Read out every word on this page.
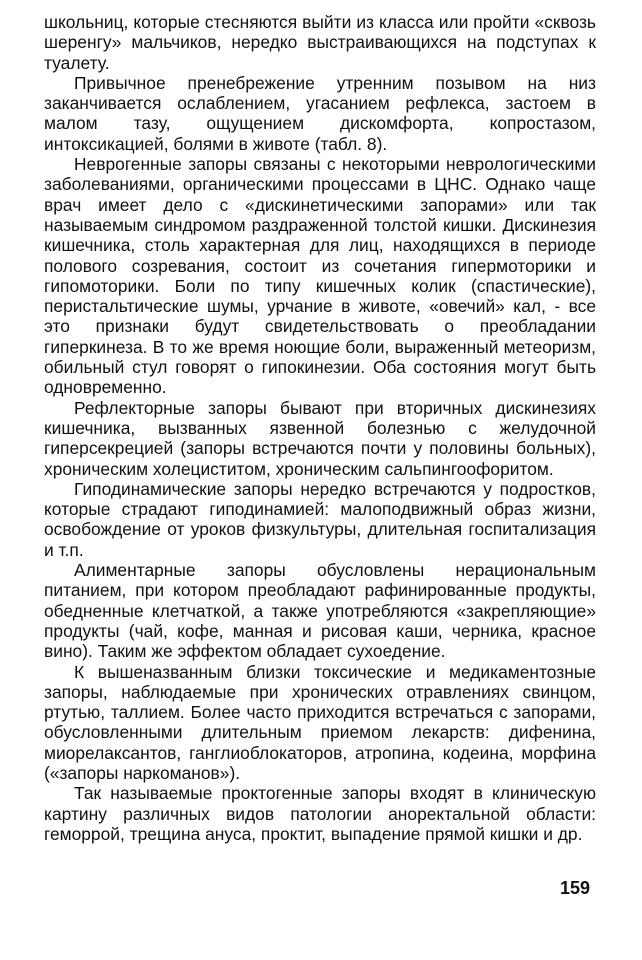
школьниц, которые стесняются выйти из класса или пройти «сквозь шеренгу» мальчиков, нередко выстраивающихся на подступах к туалету.

Привычное пренебрежение утренним позывом на низ заканчивается ослаблением, угасанием рефлекса, застоем в малом тазу, ощущением дискомфорта, копростазом, интоксикацией, болями в животе (табл. 8).

Неврогенные запоры связаны с некоторыми неврологическими заболеваниями, органическими процессами в ЦНС. Однако чаще врач имеет дело с «дискинетическими запорами» или так называемым синдромом раздраженной толстой кишки. Дискинезия кишечника, столь характерная для лиц, находящихся в периоде полового созревания, состоит из сочетания гипермоторики и гипомоторики. Боли по типу кишечных колик (спастические), перистальтические шумы, урчание в животе, «овечий» кал, - все это признаки будут свидетельствовать о преобладании гиперкинеза. В то же время ноющие боли, выраженный метеоризм, обильный стул говорят о гипокинезии. Оба состояния могут быть одновременно.

Рефлекторные запоры бывают при вторичных дискинезиях кишечника, вызванных язвенной болезнью с желудочной гиперсекрецией (запоры встречаются почти у половины больных), хроническим холециститом, хроническим сальпингоофоритом.

Гиподинамические запоры нередко встречаются у подростков, которые страдают гиподинамией: малоподвижный образ жизни, освобождение от уроков физкультуры, длительная госпитализация и т.п.

Алиментарные запоры обусловлены нерациональным питанием, при котором преобладают рафинированные продукты, обедненные клетчаткой, а также употребляются «закрепляющие» продукты (чай, кофе, манная и рисовая каши, черника, красное вино). Таким же эффектом обладает сухоедение.

К вышеназванным близки токсические и медикаментозные запоры, наблюдаемые при хронических отравлениях свинцом, ртутью, таллием. Более часто приходится встречаться с запорами, обусловленными длительным приемом лекарств: дифенина, миорелаксантов, ганглиоблокаторов, атропина, кодеина, морфина («запоры наркоманов»).

Так называемые проктогенные запоры входят в клиническую картину различных видов патологии аноректальной области: геморрой, трещина ануса, проктит, выпадение прямой кишки и др.

159
